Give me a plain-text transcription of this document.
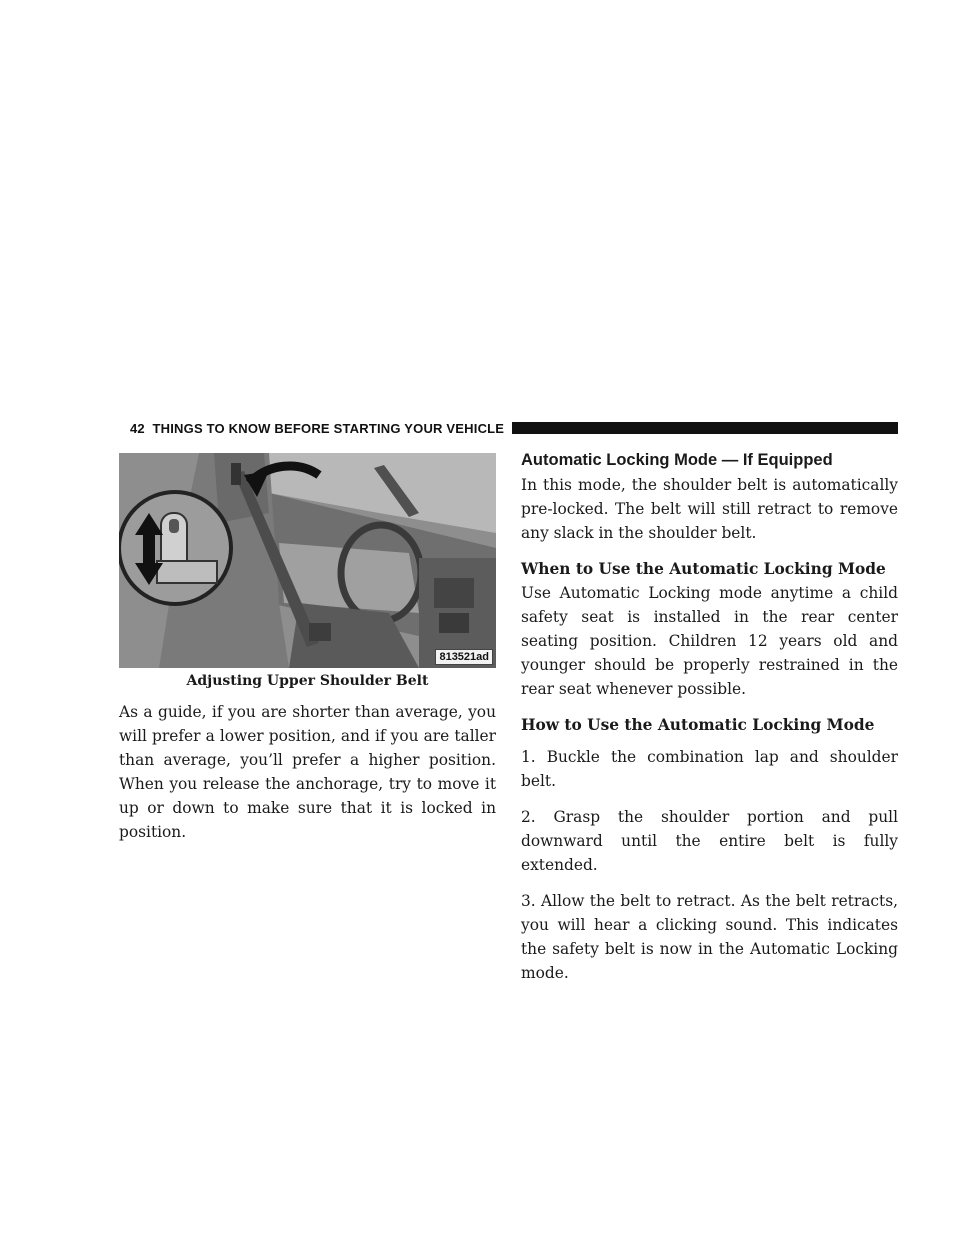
42 THINGS TO KNOW BEFORE STARTING YOUR VEHICLE
813521ad
Adjusting Upper Shoulder Belt

As a guide, if you are shorter than average, you will prefer a lower position, and if you are taller than average, you’ll prefer a higher position. When you release the anchorage, try to move it up or down to make sure that it is locked in position.

Automatic Locking Mode — If Equipped

In this mode, the shoulder belt is automatically pre-locked. The belt will still retract to remove any slack in the shoulder belt.

When to Use the Automatic Locking Mode

Use Automatic Locking mode anytime a child safety seat is installed in the rear center seating position. Children 12 years old and younger should be properly restrained in the rear seat whenever possible.

How to Use the Automatic Locking Mode

1. Buckle the combination lap and shoulder belt.

2. Grasp the shoulder portion and pull downward until the entire belt is fully extended.

3. Allow the belt to retract. As the belt retracts, you will hear a clicking sound. This indicates the safety belt is now in the Automatic Locking mode.
